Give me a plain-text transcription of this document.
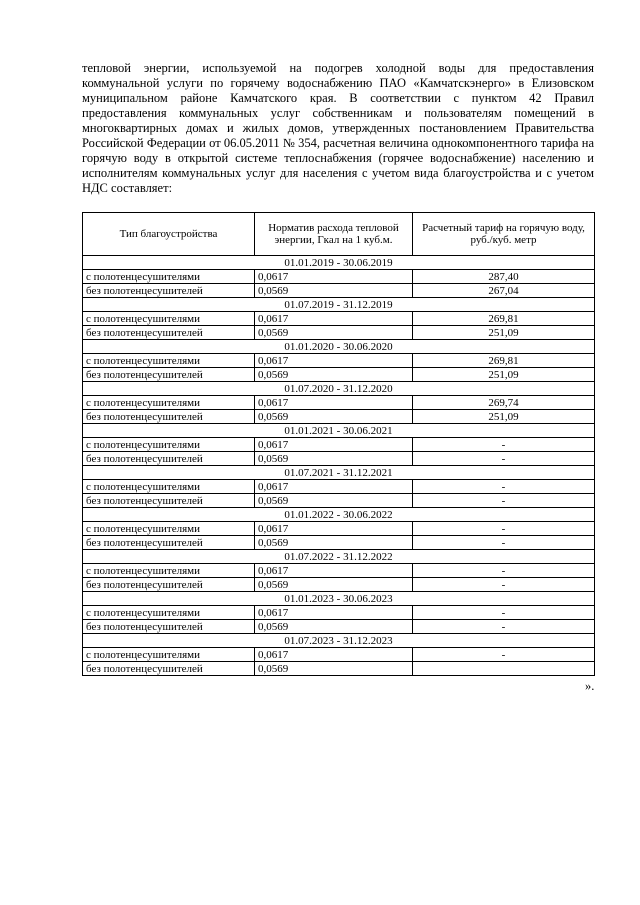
тепловой энергии, используемой на подогрев холодной воды для предоставления коммунальной услуги по горячему водоснабжению ПАО «Камчатскэнерго» в Елизовском муниципальном районе Камчатского края. В соответствии с пунктом 42 Правил предоставления коммунальных услуг собственникам и пользователям помещений в многоквартирных домах и жилых домов, утвержденных постановлением Правительства Российской Федерации от 06.05.2011 № 354, расчетная величина однокомпонентного тарифа на горячую воду в открытой системе теплоснабжения (горячее водоснабжение) населению и исполнителям коммунальных услуг для населения с учетом вида благоустройства и с учетом НДС составляет:

Тип благоустройства	Норматив расхода тепловой энергии, Гкал на 1 куб.м.	Расчетный тариф на горячую воду, руб./куб. метр
01.01.2019 - 30.06.2019		
с полотенцесушителями	0,0617	287,40
без полотенцесушителей	0,0569	267,04
01.07.2019 - 31.12.2019		
с полотенцесушителями	0,0617	269,81
без полотенцесушителей	0,0569	251,09
01.01.2020 - 30.06.2020		
с полотенцесушителями	0,0617	269,81
без полотенцесушителей	0,0569	251,09
01.07.2020 - 31.12.2020		
с полотенцесушителями	0,0617	269,74
без полотенцесушителей	0,0569	251,09
01.01.2021 - 30.06.2021		
с полотенцесушителями	0,0617	-
без полотенцесушителей	0,0569	-
01.07.2021 - 31.12.2021		
с полотенцесушителями	0,0617	-
без полотенцесушителей	0,0569	-
01.01.2022 - 30.06.2022		
с полотенцесушителями	0,0617	-
без полотенцесушителей	0,0569	-
01.07.2022 - 31.12.2022		
с полотенцесушителями	0,0617	-
без полотенцесушителей	0,0569	-
01.01.2023 - 30.06.2023		
с полотенцесушителями	0,0617	-
без полотенцесушителей	0,0569	-
01.07.2023 - 31.12.2023		
с полотенцесушителями	0,0617	-
без полотенцесушителей	0,0569	
».
